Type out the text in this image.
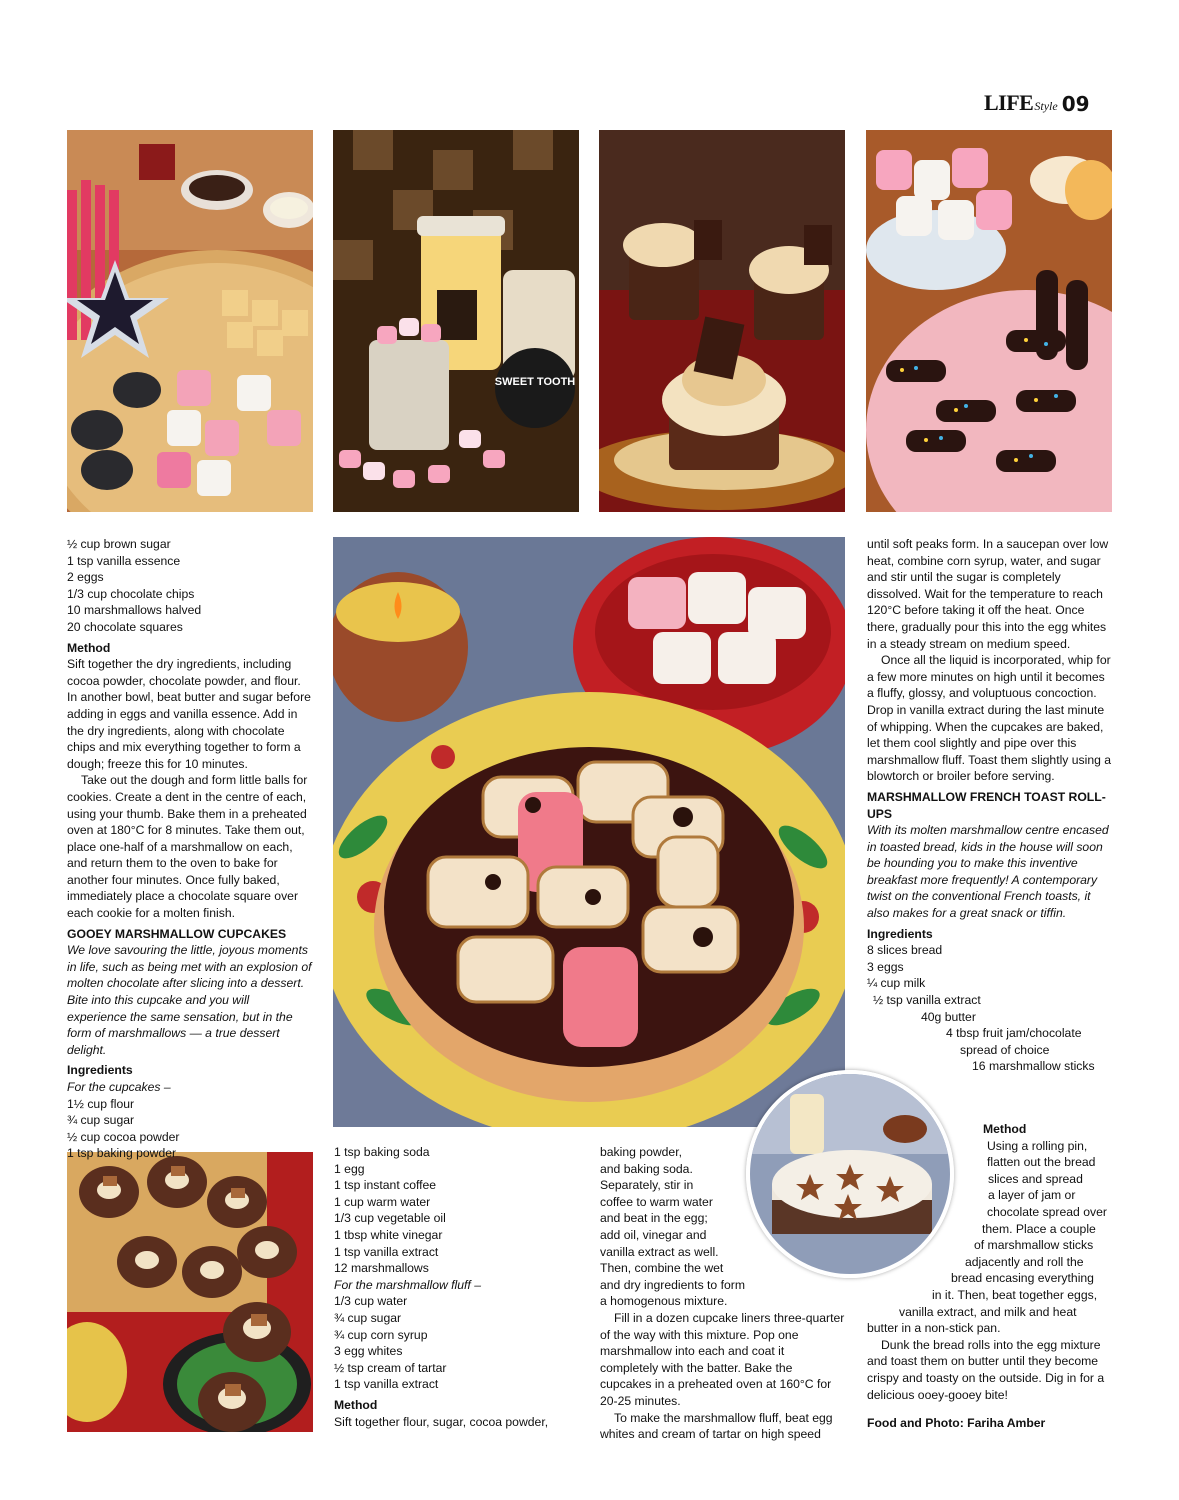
LIFE Style 09
SWEET TOOTH

½ cup brown sugar

1 tsp vanilla essence

2 eggs

1/3 cup chocolate chips

10 marshmallows halved

20 chocolate squares

Method

Sift together the dry ingredients, including cocoa powder, chocolate powder, and flour. In another bowl, beat butter and sugar before adding in eggs and vanilla essence. Add in the dry ingredients, along with chocolate chips and mix everything together to form a dough; freeze this for 10 minutes.

Take out the dough and form little balls for cookies. Create a dent in the centre of each, using your thumb. Bake them in a preheated oven at 180°C for 8 minutes. Take them out, place one-half of a marshmallow on each, and return them to the oven to bake for another four minutes. Once fully baked, immediately place a chocolate square over each cookie for a molten finish.

GOOEY MARSHMALLOW CUPCAKES

We love savouring the little, joyous moments in life, such as being met with an explosion of molten chocolate after slicing into a dessert. Bite into this cupcake and you will experience the same sensation, but in the form of marshmallows — a true dessert delight.

Ingredients

For the cupcakes –

1½ cup flour

¾ cup sugar

½ cup cocoa powder

1 tsp baking powder	1 tsp baking soda

1 egg

1 tsp instant coffee

1 cup warm water

1/3 cup vegetable oil

1 tbsp white vinegar

1 tsp vanilla extract

12 marshmallows

For the marshmallow fluff –

1/3 cup water

¾ cup sugar

¾ cup corn syrup

3 egg whites

½ tsp cream of tartar

1 tsp vanilla extract

Method

Sift together flour, sugar, cocoa powder,

baking powder,

and baking soda.

Separately, stir in

coffee to warm water

and beat in the egg;

add oil, vinegar and

vanilla extract as well.

Then, combine the wet

and dry ingredients to form

a homogenous mixture.

Fill in a dozen cupcake liners three-quarter of the way with this mixture. Pop one marshmallow into each and coat it completely with the batter. Bake the cupcakes in a preheated oven at 160°C for 20-25 minutes.

To make the marshmallow fluff, beat egg whites and cream of tartar on high speed

until soft peaks form. In a saucepan over low heat, combine corn syrup, water, and sugar and stir until the sugar is completely dissolved. Wait for the temperature to reach 120°C before taking it off the heat. Once there, gradually pour this into the egg whites in a steady stream on medium speed.

Once all the liquid is incorporated, whip for a few more minutes on high until it becomes a fluffy, glossy, and voluptuous concoction. Drop in vanilla extract during the last minute of whipping. When the cupcakes are baked, let them cool slightly and pipe over this marshmallow fluff. Toast them slightly using a blowtorch or broiler before serving.

MARSHMALLOW FRENCH TOAST ROLL-UPS

With its molten marshmallow centre encased in toasted bread, kids in the house will soon be hounding you to make this inventive breakfast more frequently! A contemporary twist on the conventional French toasts, it also makes for a great snack or tiffin.

Ingredients

8 slices bread

3 eggs

¼ cup milk

½ tsp vanilla extract

40g butter

4 tbsp fruit jam/chocolate

spread of choice

16 marshmallow sticks

Method

Using a rolling pin,

flatten out the bread

slices and spread

a layer of jam or

chocolate spread over

them. Place a couple

of marshmallow sticks

adjacently and roll the

bread encasing everything

in it. Then, beat together eggs,

vanilla extract, and milk and heat

butter in a non-stick pan.

Dunk the bread rolls into the egg mixture and toast them on butter until they become crispy and toasty on the outside. Dig in for a delicious ooey-gooey bite!

Food and Photo: Fariha Amber
